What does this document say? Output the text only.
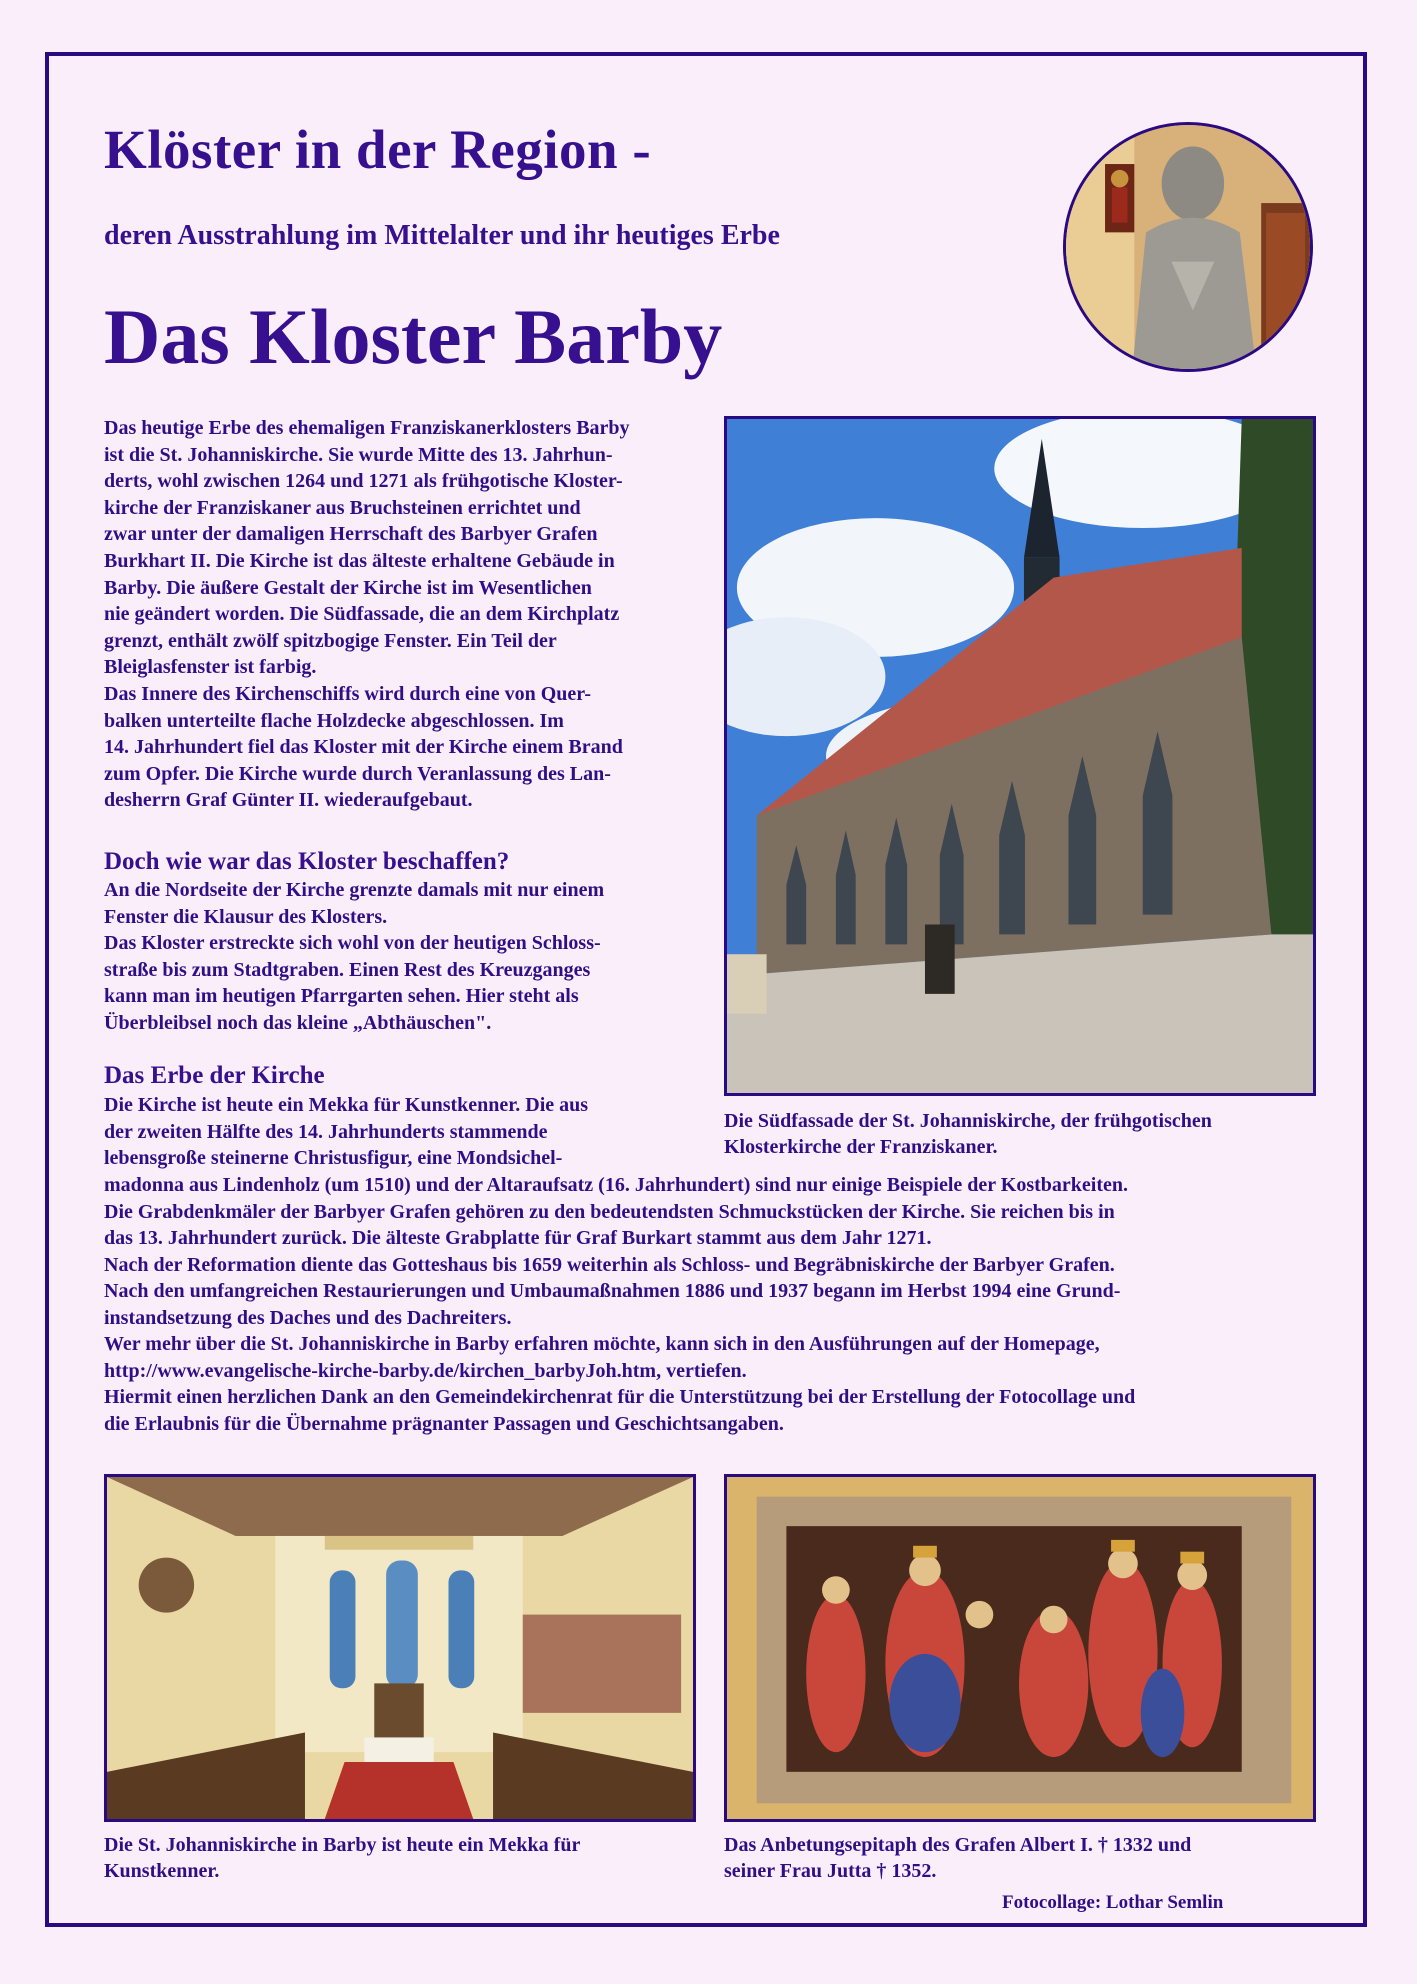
Klöster in der Region -
deren Ausstrahlung im Mittelalter und ihr heutiges Erbe
Das Kloster Barby

Das heutige Erbe des ehemaligen Franziskanerklosters Barby

ist die St. Johanniskirche. Sie wurde Mitte des 13. Jahrhun-

derts, wohl zwischen 1264 und 1271 als frühgotische Kloster-

kirche der Franziskaner aus Bruchsteinen errichtet und

zwar unter der damaligen Herrschaft des Barbyer Grafen

Burkhart II. Die Kirche ist das älteste erhaltene Gebäude in

Barby. Die äußere Gestalt der Kirche ist im Wesentlichen

nie geändert worden. Die Südfassade, die an dem Kirchplatz

grenzt, enthält zwölf spitzbogige Fenster. Ein Teil der

Bleiglasfenster ist farbig.

Das Innere des Kirchenschiffs wird durch eine von Quer-

balken unterteilte flache Holzdecke abgeschlossen. Im

14. Jahrhundert fiel das Kloster mit der Kirche einem Brand

zum Opfer. Die Kirche wurde durch Veranlassung des Lan-

desherrn Graf Günter II. wiederaufgebaut.

Doch wie war das Kloster beschaffen?

An die Nordseite der Kirche grenzte damals mit nur einem

Fenster die Klausur des Klosters.

Das Kloster erstreckte sich wohl von der heutigen Schloss-

straße bis zum Stadtgraben. Einen Rest des Kreuzganges

kann man im heutigen Pfarrgarten sehen. Hier steht als

Überbleibsel noch das kleine „Abthäuschen".

Das Erbe der Kirche

Die Kirche ist heute ein Mekka für Kunstkenner. Die aus

der zweiten Hälfte des 14. Jahrhunderts stammende

lebensgroße steinerne Christusfigur, eine Mondsichel-

madonna aus Lindenholz (um 1510) und der Altaraufsatz (16. Jahrhundert) sind nur einige Beispiele der Kostbarkeiten.

Die Grabdenkmäler der Barbyer Grafen gehören zu den bedeutendsten Schmuckstücken der Kirche. Sie reichen bis in

das 13. Jahrhundert zurück. Die älteste Grabplatte für Graf Burkart stammt aus dem Jahr 1271.

Nach der Reformation diente das Gotteshaus bis 1659 weiterhin als Schloss- und Begräbniskirche der Barbyer Grafen.

Nach den umfangreichen Restaurierungen und Umbaumaßnahmen 1886 und 1937 begann im Herbst 1994 eine Grund-

instandsetzung des Daches und des Dachreiters.

Wer mehr über die St. Johanniskirche in Barby erfahren möchte, kann sich in den Ausführungen auf der Homepage,

http://www.evangelische-kirche-barby.de/kirchen_barbyJoh.htm, vertiefen.

Hiermit einen herzlichen Dank an den Gemeindekirchenrat für die Unterstützung bei der Erstellung der Fotocollage und

die Erlaubnis für die Übernahme prägnanter Passagen und Geschichtsangaben.

Die Südfassade der St. Johanniskirche, der frühgotischen
Klosterkirche der Franziskaner.
Die St. Johanniskirche in Barby ist heute ein Mekka für
Kunstkenner.
Das Anbetungsepitaph des Grafen Albert I. † 1332 und
seiner Frau Jutta † 1352.
Fotocollage: Lothar Semlin
